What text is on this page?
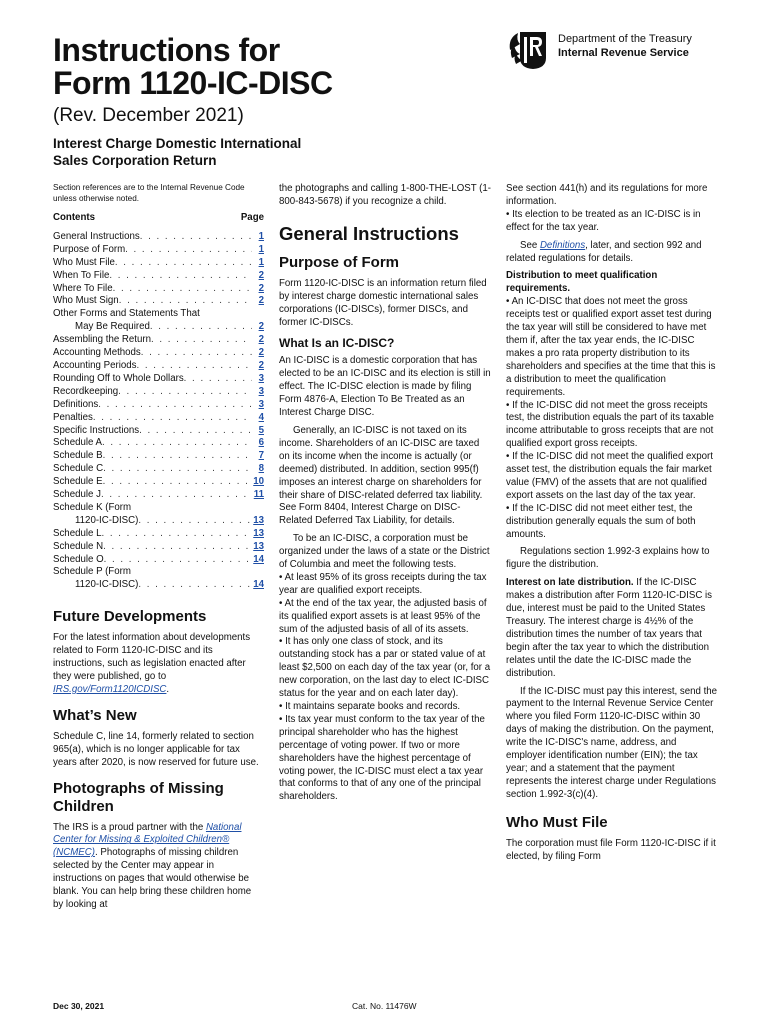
Instructions for
Form 1120-IC-DISC
(Rev. December 2021)
Interest Charge Domestic International
Sales Corporation Return
Department of the Treasury
Internal Revenue Service

Section references are to the Internal Revenue Code unless otherwise noted.

Contents	Page
General Instructions . . .	1
Purpose of Form . . .	1
Who Must File . . .	1
When To File . . .	2
Where To File . . .	2
Who Must Sign . . .	2
Other Forms and Statements That
May Be Required . . .	2
Assembling the Return . . .	2
Accounting Methods . . .	2
Accounting Periods . . .	2
Rounding Off to Whole Dollars . . .	3
Recordkeeping . . .	3
Definitions . . .	3
Penalties . . .	4
Specific Instructions . . .	5
Schedule A . . .	6
Schedule B . . .	7
Schedule C . . .	8
Schedule E . . .	10
Schedule J . . .	11
Schedule K (Form
1120-IC-DISC) . . .	13
Schedule L . . .	13
Schedule N . . .	13
Schedule O . . .	14
Schedule P (Form
1120-IC-DISC) . . .	14
Future Developments

For the latest information about developments related to Form 1120-IC-DISC and its instructions, such as legislation enacted after they were published, go to IRS.gov/Form1120ICDISC.

What’s New

Schedule C, line 14, formerly related to section 965(a), which is no longer applicable for tax years after 2020, is now reserved for future use.

Photographs of Missing Children

The IRS is a proud partner with the National Center for Missing & Exploited Children® (NCMEC). Photographs of missing children selected by the Center may appear in instructions on pages that would otherwise be blank. You can help bring these children home by looking at

the photographs and calling 1-800-THE-LOST (1-800-843-5678) if you recognize a child.

General Instructions
Purpose of Form

Form 1120-IC-DISC is an information return filed by interest charge domestic international sales corporations (IC-DISCs), former DISCs, and former IC-DISCs.

What Is an IC-DISC?

An IC-DISC is a domestic corporation that has elected to be an IC-DISC and its election is still in effect. The IC-DISC election is made by filing Form 4876-A, Election To Be Treated as an Interest Charge DISC.

Generally, an IC-DISC is not taxed on its income. Shareholders of an IC-DISC are taxed on its income when the income is actually (or deemed) distributed. In addition, section 995(f) imposes an interest charge on shareholders for their share of DISC-related deferred tax liability. See Form 8404, Interest Charge on DISC-Related Deferred Tax Liability, for details.

To be an IC-DISC, a corporation must be organized under the laws of a state or the District of Columbia and meet the following tests.

• At least 95% of its gross receipts during the tax year are qualified export receipts.

• At the end of the tax year, the adjusted basis of its qualified export assets is at least 95% of the sum of the adjusted basis of all of its assets.

• It has only one class of stock, and its outstanding stock has a par or stated value of at least $2,500 on each day of the tax year (or, for a new corporation, on the last day to elect IC-DISC status for the year and on each later day).

• It maintains separate books and records.

• Its tax year must conform to the tax year of the principal shareholder who has the highest percentage of voting power. If two or more shareholders have the highest percentage of voting power, the IC-DISC must elect a tax year that conforms to that of any one of the principal shareholders.

See section 441(h) and its regulations for more information.

• Its election to be treated as an IC-DISC is in effect for the tax year.

See Definitions, later, and section 992 and related regulations for details.

Distribution to meet qualification requirements.

• An IC-DISC that does not meet the gross receipts test or qualified export asset test during the tax year will still be considered to have met them if, after the tax year ends, the IC-DISC makes a pro rata property distribution to its shareholders and specifies at the time that this is a distribution to meet the qualification requirements.

• If the IC-DISC did not meet the gross receipts test, the distribution equals the part of its taxable income attributable to gross receipts that are not qualified export gross receipts.

• If the IC-DISC did not meet the qualified export asset test, the distribution equals the fair market value (FMV) of the assets that are not qualified export assets on the last day of the tax year.

• If the IC-DISC did not meet either test, the distribution generally equals the sum of both amounts.

Regulations section 1.992-3 explains how to figure the distribution.

Interest on late distribution. If the IC-DISC makes a distribution after Form 1120-IC-DISC is due, interest must be paid to the United States Treasury. The interest charge is 4½% of the distribution times the number of tax years that begin after the tax year to which the distribution relates until the date the IC-DISC made the distribution.

If the IC-DISC must pay this interest, send the payment to the Internal Revenue Service Center where you filed Form 1120-IC-DISC within 30 days of making the distribution. On the payment, write the IC-DISC's name, address, and employer identification number (EIN); the tax year; and a statement that the payment represents the interest charge under Regulations section 1.992-3(c)(4).

Who Must File

The corporation must file Form 1120-IC-DISC if it elected, by filing Form

Dec 30, 2021	Cat. No. 11476W
